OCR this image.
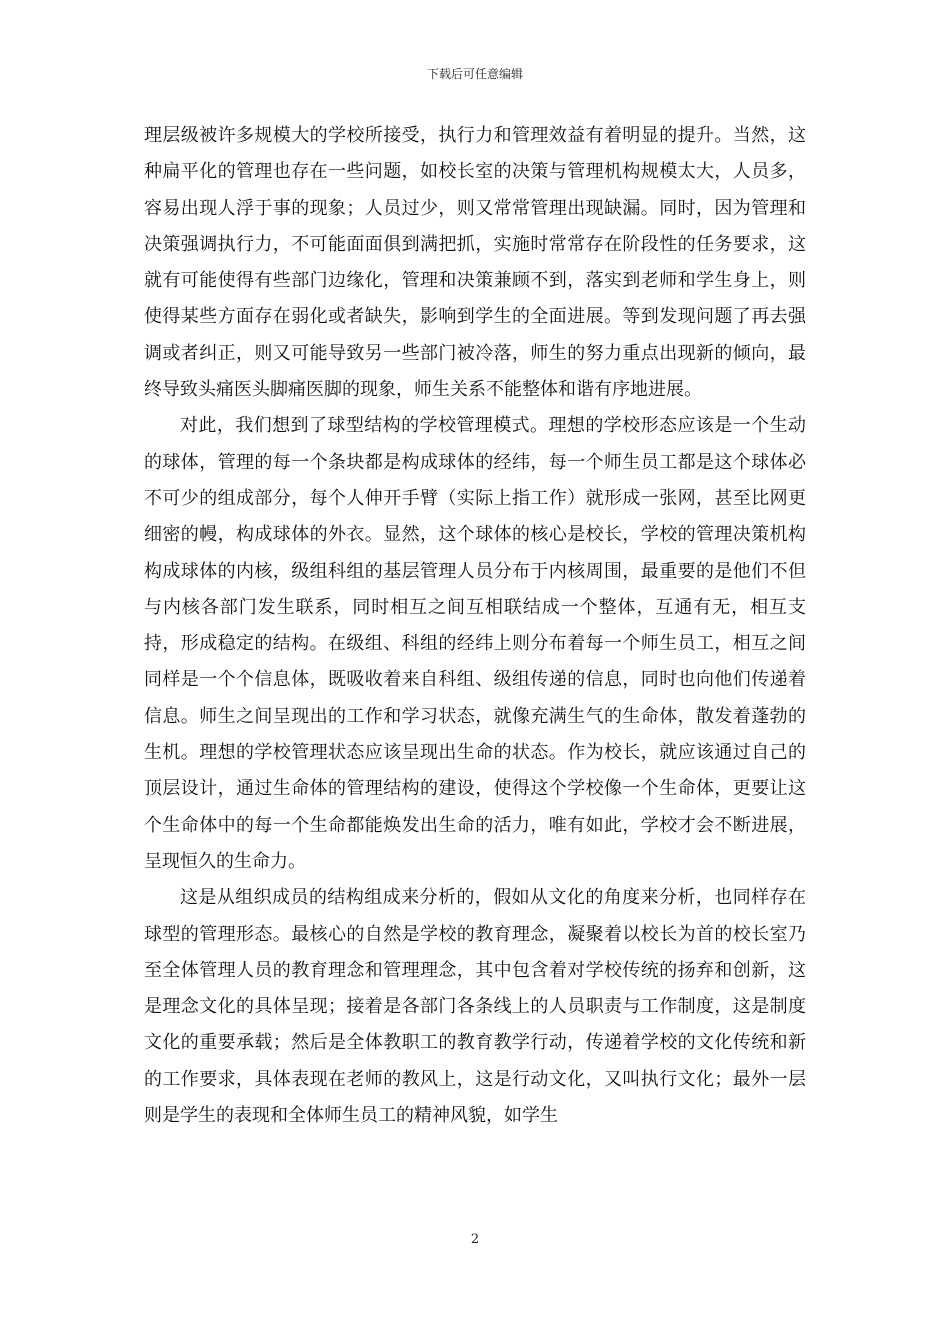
下载后可任意编辑

理层级被许多规模大的学校所接受，执行力和管理效益有着明显的提升。当然，这种扁平化的管理也存在一些问题，如校长室的决策与管理机构规模太大，人员多，容易出现人浮于事的现象；人员过少，则又常常管理出现缺漏。同时，因为管理和决策强调执行力，不可能面面俱到满把抓，实施时常常存在阶段性的任务要求，这就有可能使得有些部门边缘化，管理和决策兼顾不到，落实到老师和学生身上，则使得某些方面存在弱化或者缺失，影响到学生的全面进展。等到发现问题了再去强调或者纠正，则又可能导致另一些部门被冷落，师生的努力重点出现新的倾向，最终导致头痛医头脚痛医脚的现象，师生关系不能整体和谐有序地进展。

对此，我们想到了球型结构的学校管理模式。理想的学校形态应该是一个生动的球体，管理的每一个条块都是构成球体的经纬，每一个师生员工都是这个球体必不可少的组成部分，每个人伸开手臂（实际上指工作）就形成一张网，甚至比网更细密的幔，构成球体的外衣。显然，这个球体的核心是校长，学校的管理决策机构构成球体的内核，级组科组的基层管理人员分布于内核周围，最重要的是他们不但与内核各部门发生联系，同时相互之间互相联结成一个整体，互通有无，相互支持，形成稳定的结构。在级组、科组的经纬上则分布着每一个师生员工，相互之间同样是一个个信息体，既吸收着来自科组、级组传递的信息，同时也向他们传递着信息。师生之间呈现出的工作和学习状态，就像充满生气的生命体，散发着蓬勃的生机。理想的学校管理状态应该呈现出生命的状态。作为校长，就应该通过自己的顶层设计，通过生命体的管理结构的建设，使得这个学校像一个生命体，更要让这个生命体中的每一个生命都能焕发出生命的活力，唯有如此，学校才会不断进展，呈现恒久的生命力。

这是从组织成员的结构组成来分析的，假如从文化的角度来分析，也同样存在球型的管理形态。最核心的自然是学校的教育理念，凝聚着以校长为首的校长室乃至全体管理人员的教育理念和管理理念，其中包含着对学校传统的扬弃和创新，这是理念文化的具体呈现；接着是各部门各条线上的人员职责与工作制度，这是制度文化的重要承载；然后是全体教职工的教育教学行动，传递着学校的文化传统和新的工作要求，具体表现在老师的教风上，这是行动文化，又叫执行文化；最外一层则是学生的表现和全体师生员工的精神风貌，如学生

2
